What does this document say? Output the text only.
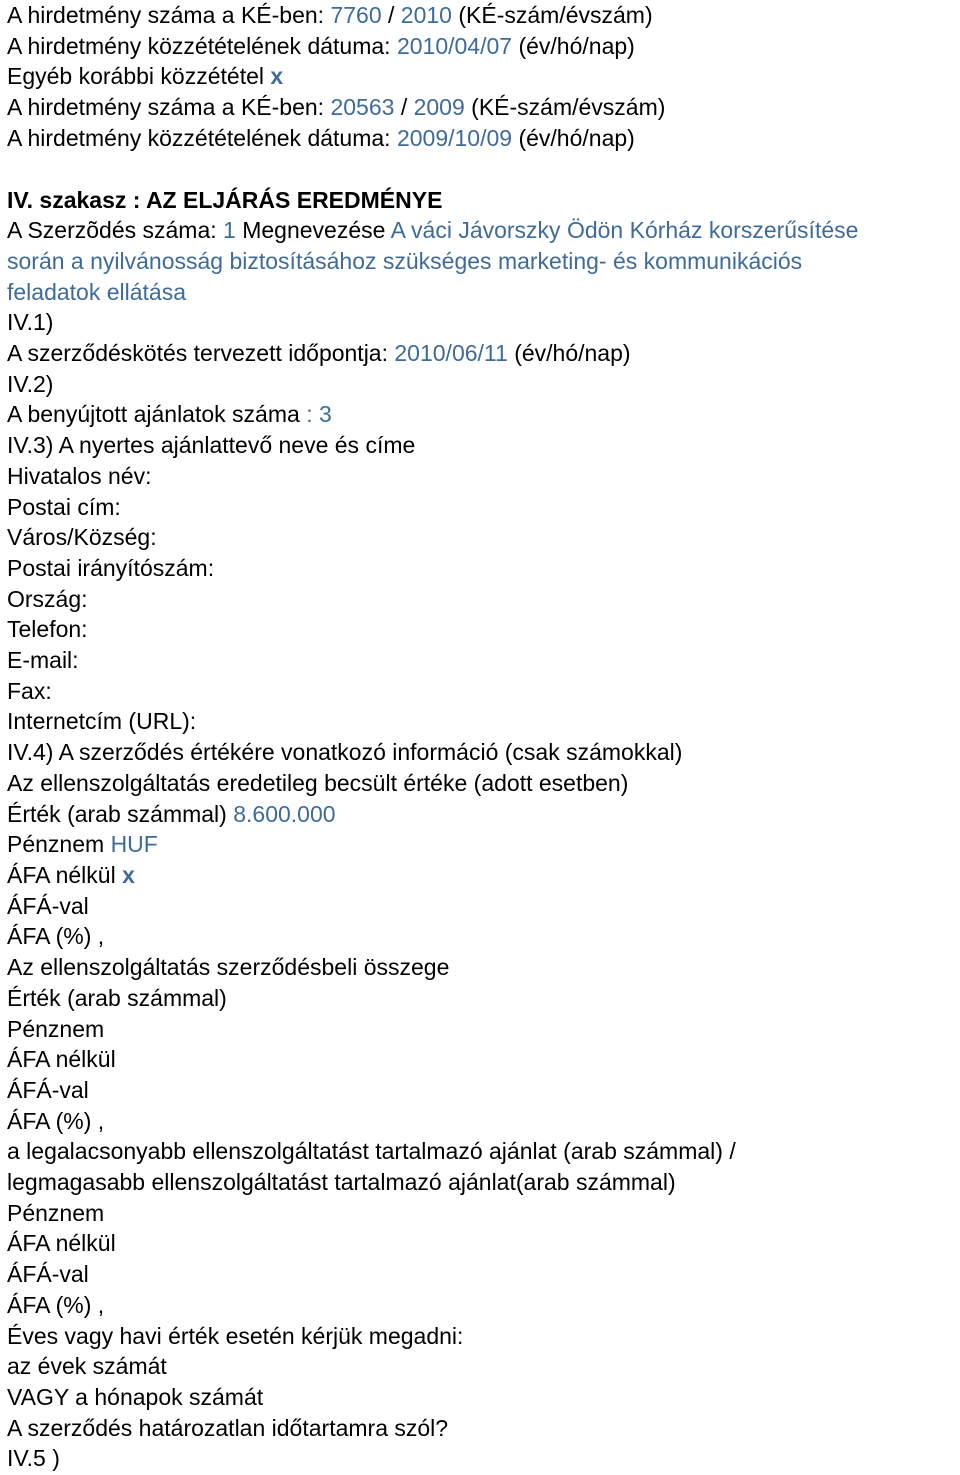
A hirdetmény száma a KÉ-ben: 7760 / 2010 (KÉ-szám/évszám)
A hirdetmény közzétételének dátuma: 2010/04/07 (év/hó/nap)
Egyéb korábbi közzététel x
A hirdetmény száma a KÉ-ben: 20563 / 2009 (KÉ-szám/évszám)
A hirdetmény közzétételének dátuma: 2009/10/09 (év/hó/nap)
IV. szakasz : AZ ELJÁRÁS EREDMÉNYE
A Szerzõdés száma: 1 Megnevezése A váci Jávorszky Ödön Kórház korszerűsítése
során a nyilvánosság biztosításához szükséges marketing- és kommunikációs
feladatok ellátása
IV.1)
A szerződéskötés tervezett időpontja: 2010/06/11 (év/hó/nap)
IV.2)
A benyújtott ajánlatok száma : 3
IV.3) A nyertes ajánlattevő neve és címe
Hivatalos név:
Postai cím:
Város/Község:
Postai irányítószám:
Ország:
Telefon:
E-mail:
Fax:
Internetcím (URL):
IV.4) A szerződés értékére vonatkozó információ (csak számokkal)
Az ellenszolgáltatás eredetileg becsült értéke (adott esetben)
Érték (arab számmal) 8.600.000
Pénznem HUF
ÁFA nélkül x
ÁFÁ-val
ÁFA (%) ,
Az ellenszolgáltatás szerződésbeli összege
Érték (arab számmal)
Pénznem
ÁFA nélkül
ÁFÁ-val
ÁFA (%) ,
a legalacsonyabb ellenszolgáltatást tartalmazó ajánlat (arab számmal) /
legmagasabb ellenszolgáltatást tartalmazó ajánlat(arab számmal)
Pénznem
ÁFA nélkül
ÁFÁ-val
ÁFA (%) ,
Éves vagy havi érték esetén kérjük megadni:
az évek számát
VAGY a hónapok számát
A szerződés határozatlan időtartamra szól?
IV.5 )
